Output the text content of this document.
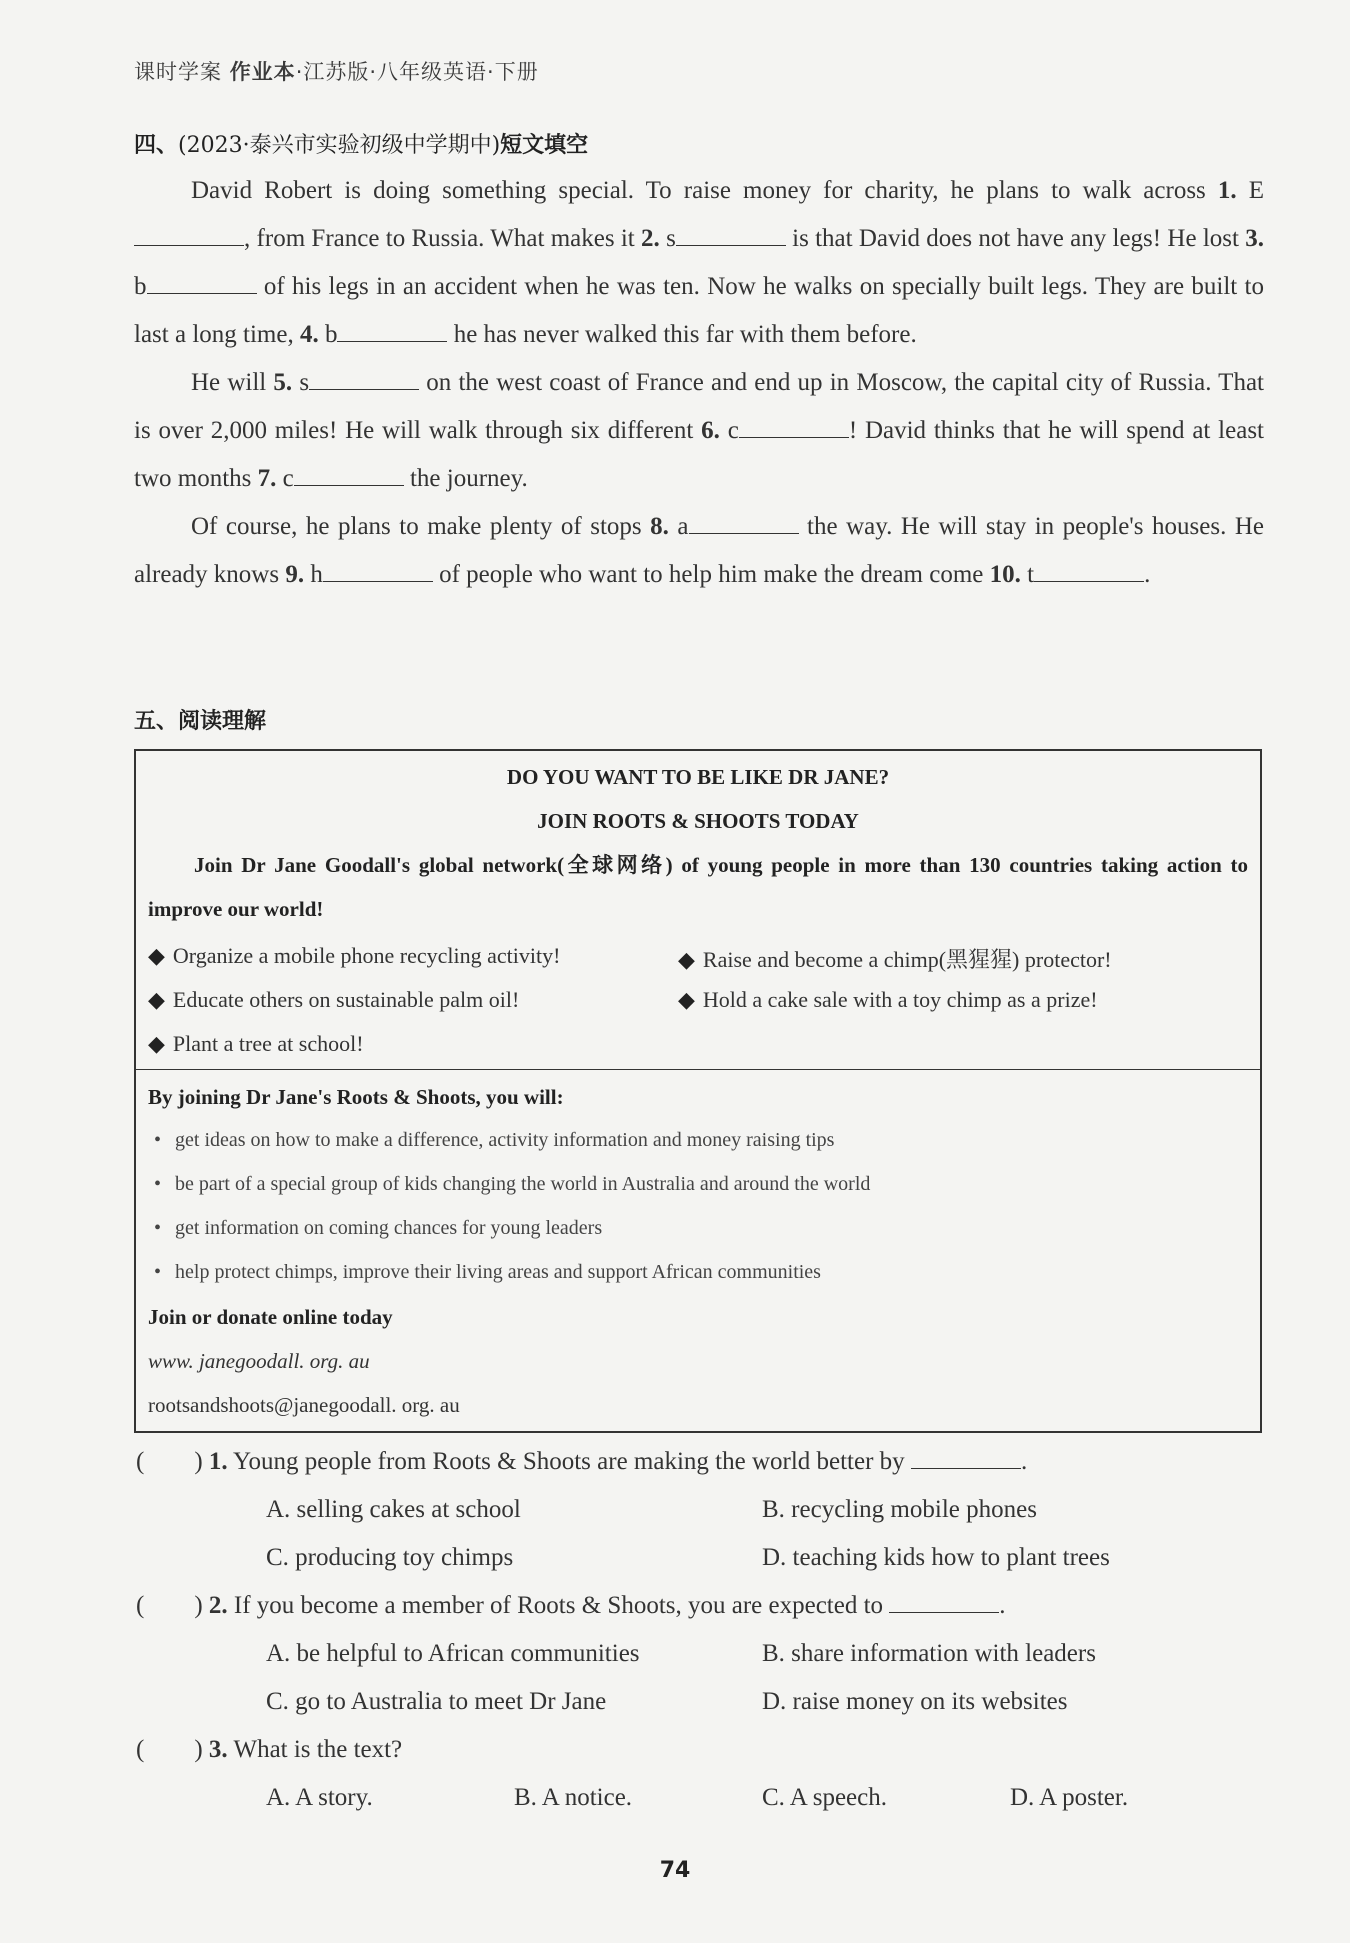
课时学案 作业本·江苏版·八年级英语·下册
四、(2023·泰兴市实验初级中学期中)短文填空

David Robert is doing something special. To raise money for charity, he plans to walk across 1. E, from France to Russia. What makes it 2. s	is that David does not have any legs! He lost 3. b	of his legs in an accident when he was ten. Now he walks on specially built legs. They are built to last a long time, 4. b	he has never walked this far with them before.

He will 5. s	on the west coast of France and end up in Moscow, the capital city of Russia. That is over 2,000 miles! He will walk through six different 6. c	! David thinks that he will spend at least two months 7. c	the journey.

Of course, he plans to make plenty of stops 8. a	the way. He will stay in people's houses. He already knows 9. h	of people who want to help him make the dream come 10. t	.

五、阅读理解
DO YOU WANT TO BE LIKE DR JANE?
JOIN ROOTS & SHOOTS TODAY
Join Dr Jane Goodall's global network(全球网络) of young people in more than 130 countries taking action to improve our world!
◆ Organize a mobile phone recycling activity!	◆ Raise and become a chimp(黑猩猩) protector!
◆ Educate others on sustainable palm oil!	◆ Hold a cake sale with a toy chimp as a prize!
◆ Plant a tree at school!
By joining Dr Jane's Roots & Shoots, you will:
• get ideas on how to make a difference, activity information and money raising tips
• be part of a special group of kids changing the world in Australia and around the world
• get information on coming chances for young leaders
• help protect chimps, improve their living areas and support African communities
Join or donate online today
www. janegoodall. org. au
rootsandshoots@janegoodall. org. au
( ) 1. Young people from Roots & Shoots are making the world better by	.
A. selling cakes at school	B. recycling mobile phones
C. producing toy chimps	D. teaching kids how to plant trees
( ) 2. If you become a member of Roots & Shoots, you are expected to	.
A. be helpful to African communities	B. share information with leaders
C. go to Australia to meet Dr Jane	D. raise money on its websites
( ) 3. What is the text?
A. A story.	B. A notice.	C. A speech.	D. A poster.
74
